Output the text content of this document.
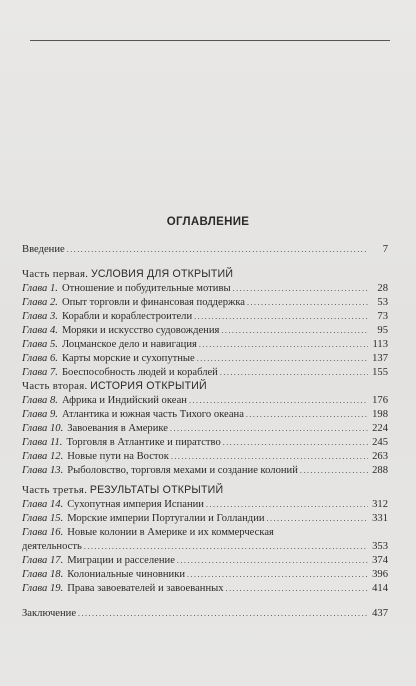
ОГЛАВЛЕНИЕ
Введение .....	7
Часть первая. УСЛОВИЯ ДЛЯ ОТКРЫТИЙ
Глава 1. Отношение и побудительные мотивы .....	28
Глава 2. Опыт торговли и финансовая поддержка .....	53
Глава 3. Корабли и кораблестроители .....	73
Глава 4. Моряки и искусство судовождения .....	95
Глава 5. Лоцманское дело и навигация .....	113
Глава 6. Карты морские и сухопутные .....	137
Глава 7. Боеспособность людей и кораблей .....	155
Часть вторая. ИСТОРИЯ ОТКРЫТИЙ
Глава 8. Африка и Индийский океан .....	176
Глава 9. Атлантика и южная часть Тихого океана .....	198
Глава 10. Завоевания в Америке .....	224
Глава 11. Торговля в Атлантике и пиратство .....	245
Глава 12. Новые пути на Восток .....	263
Глава 13. Рыболовство, торговля мехами и создание колоний .....	288
Часть третья. РЕЗУЛЬТАТЫ ОТКРЫТИЙ
Глава 14. Сухопутная империя Испании .....	312
Глава 15. Морские империи Португалии и Голландии .....	331
Глава 16. Новые колонии в Америке и их коммерческая
деятельность .....	353
Глава 17. Миграции и расселение .....	374
Глава 18. Колониальные чиновники .....	396
Глава 19. Права завоевателей и завоеванных .....	414
Заключение .....	437
